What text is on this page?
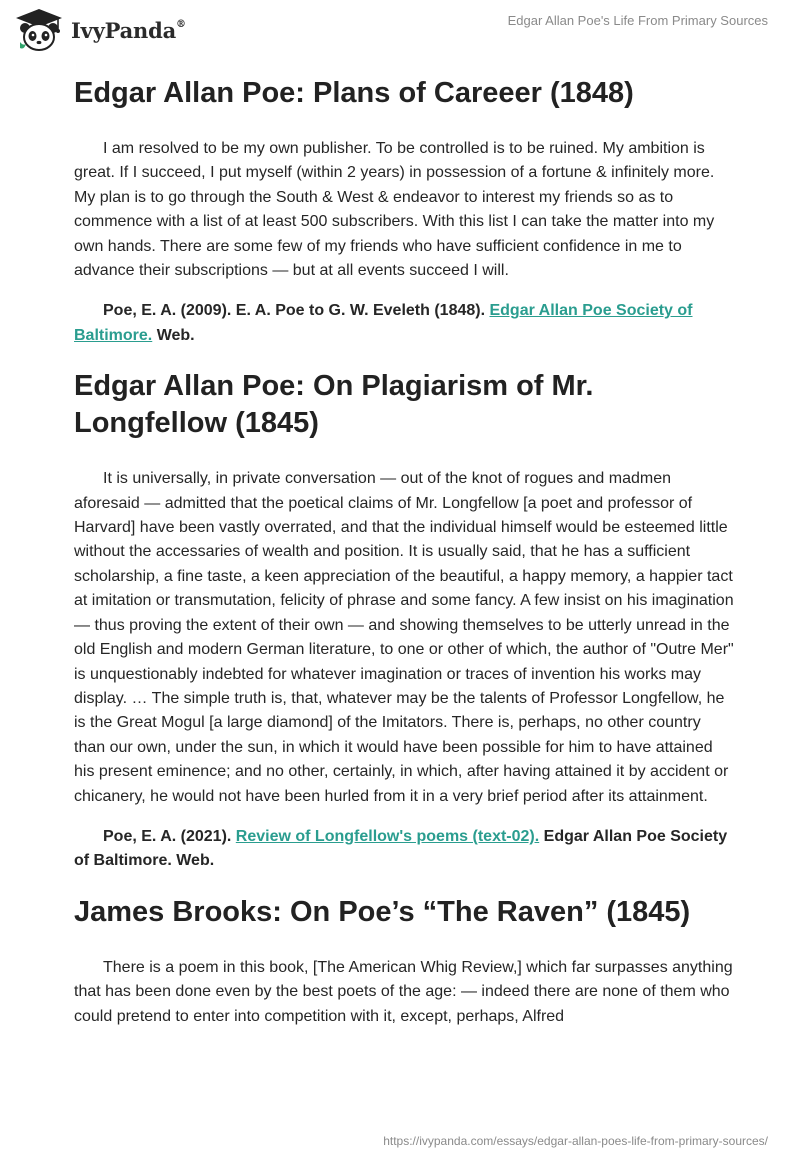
IvyPanda®	Edgar Allan Poe's Life From Primary Sources
Edgar Allan Poe: Plans of Careeer (1848)

I am resolved to be my own publisher. To be controlled is to be ruined. My ambition is great. If I succeed, I put myself (within 2 years) in possession of a fortune & infinitely more. My plan is to go through the South & West & endeavor to interest my friends so as to commence with a list of at least 500 subscribers. With this list I can take the matter into my own hands. There are some few of my friends who have sufficient confidence in me to advance their subscriptions — but at all events succeed I will.

Poe, E. A. (2009). E. A. Poe to G. W. Eveleth (1848). Edgar Allan Poe Society of Baltimore. Web.

Edgar Allan Poe: On Plagiarism of Mr. Longfellow (1845)

It is universally, in private conversation — out of the knot of rogues and madmen aforesaid — admitted that the poetical claims of Mr. Longfellow [a poet and professor of Harvard] have been vastly overrated, and that the individual himself would be esteemed little without the accessaries of wealth and position. It is usually said, that he has a sufficient scholarship, a fine taste, a keen appreciation of the beautiful, a happy memory, a happier tact at imitation or transmutation, felicity of phrase and some fancy. A few insist on his imagination — thus proving the extent of their own — and showing themselves to be utterly unread in the old English and modern German literature, to one or other of which, the author of "Outre Mer" is unquestionably indebted for whatever imagination or traces of invention his works may display. … The simple truth is, that, whatever may be the talents of Professor Longfellow, he is the Great Mogul [a large diamond] of the Imitators. There is, perhaps, no other country than our own, under the sun, in which it would have been possible for him to have attained his present eminence; and no other, certainly, in which, after having attained it by accident or chicanery, he would not have been hurled from it in a very brief period after its attainment.

Poe, E. A. (2021). Review of Longfellow's poems (text-02). Edgar Allan Poe Society of Baltimore. Web.

James Brooks: On Poe’s “The Raven” (1845)

There is a poem in this book, [The American Whig Review,] which far surpasses anything that has been done even by the best poets of the age: — indeed there are none of them who could pretend to enter into competition with it, except, perhaps, Alfred

https://ivypanda.com/essays/edgar-allan-poes-life-from-primary-sources/
